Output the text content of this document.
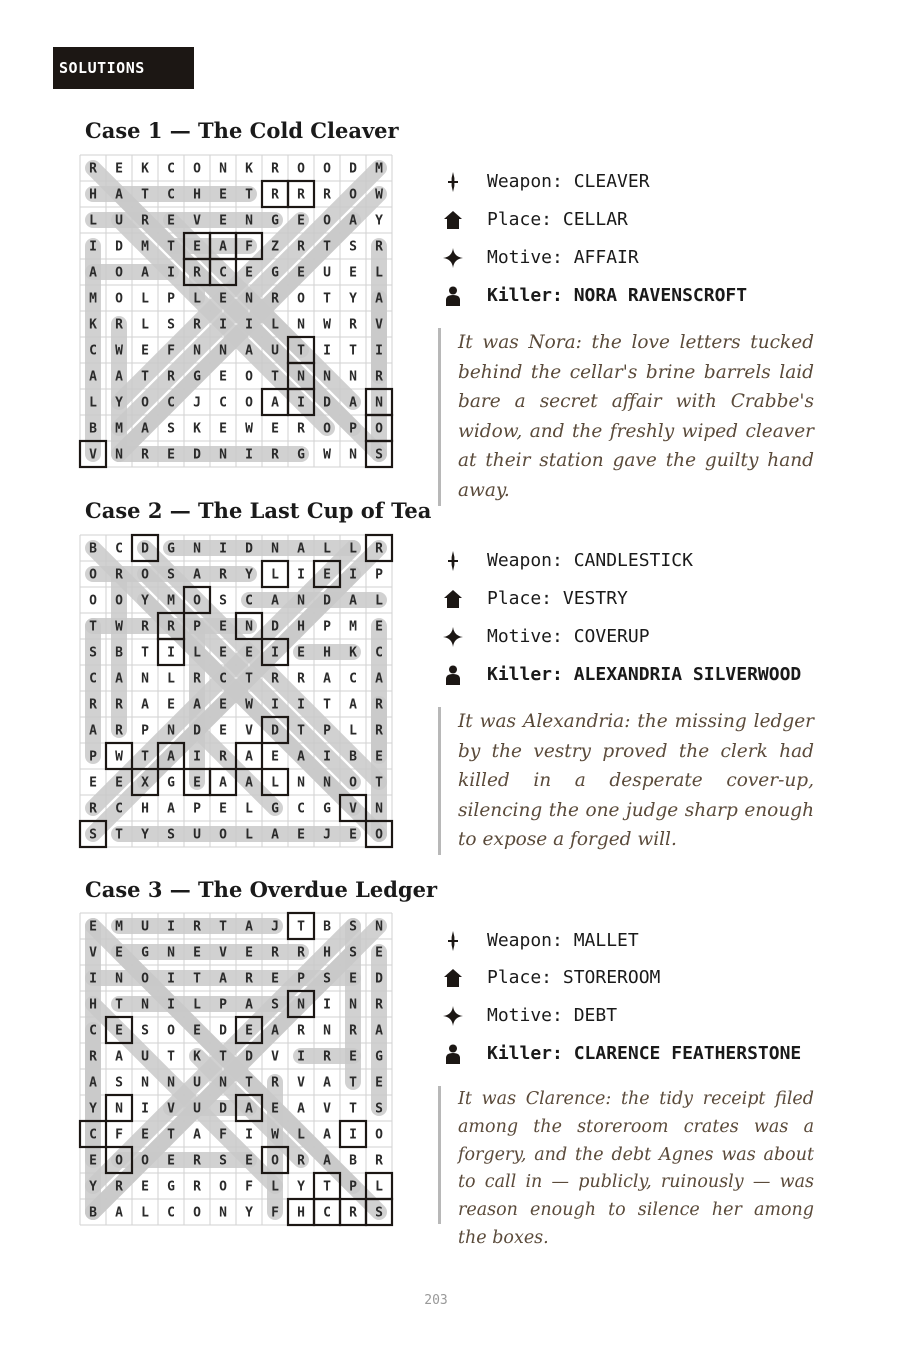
SOLUTIONS
Case 1 — The Cold Cleaver
R E K C O N K R O O D M
H A T C H E T R R R O W
L U R E V E N G E O A Y
I D M T E A F Z R T S R
A O A I R C E G E U E L
M O L P L E N R O T Y A
K R L S R I I L N W R V
C W E F N N A U T I T I
A A T R G E O T N N N R
L Y O C J C O A I D A N
B M A S K E W E R O P O
V N R E D N I R G W N S
Weapon: CLEAVER
Place: CELLAR
Motive: AFFAIR
Killer: NORA RAVENSCROFT
It was Nora: the love letters tucked behind the cellar's brine barrels laid bare a secret affair with Crabbe's widow, and the freshly wiped cleaver at their station gave the guilty hand away.
Case 2 — The Last Cup of Tea
B C D G N I D N A L L R
O R O S A R Y L I E I P
O O Y M O S C A N D A L
T W R R P E N D H P M E
S B T I L E E I E H K C
C A N L R C T R R A C A
R R A E A E W I I T A R
A R P N D E V D T P L R
P W T A I R A E A I B E
E E X G E A A L N N O T
R C H A P E L G C G V N
S T Y S U O L A E J E O
Weapon: CANDLESTICK
Place: VESTRY
Motive: COVERUP
Killer: ALEXANDRIA SILVERWOOD
It was Alexandria: the missing ledger by the vestry proved the clerk had killed in a desperate cover-up, silencing the one judge sharp enough to expose a forged will.
Case 3 — The Overdue Ledger
E M U I R T A J T B S N
V E G N E V E R R H S E
I N O I T A R E P S E D
H T N I L P A S N I N R
C E S O E D E A R N R A
R A U T K T D V I R E G
A S N N U N T R V A T E
Y N I V U D A E A V T S
C F E T A F I W L A I O
E O O E R S E O R A B R
Y R E G R O F L Y T P L
B A L C O N Y F H C R S
Weapon: MALLET
Place: STOREROOM
Motive: DEBT
Killer: CLARENCE FEATHERSTONE
It was Clarence: the tidy receipt filed among the storeroom crates was a forgery, and the debt Agnes was about to call in — publicly, ruinously — was reason enough to silence her among the boxes.
203
